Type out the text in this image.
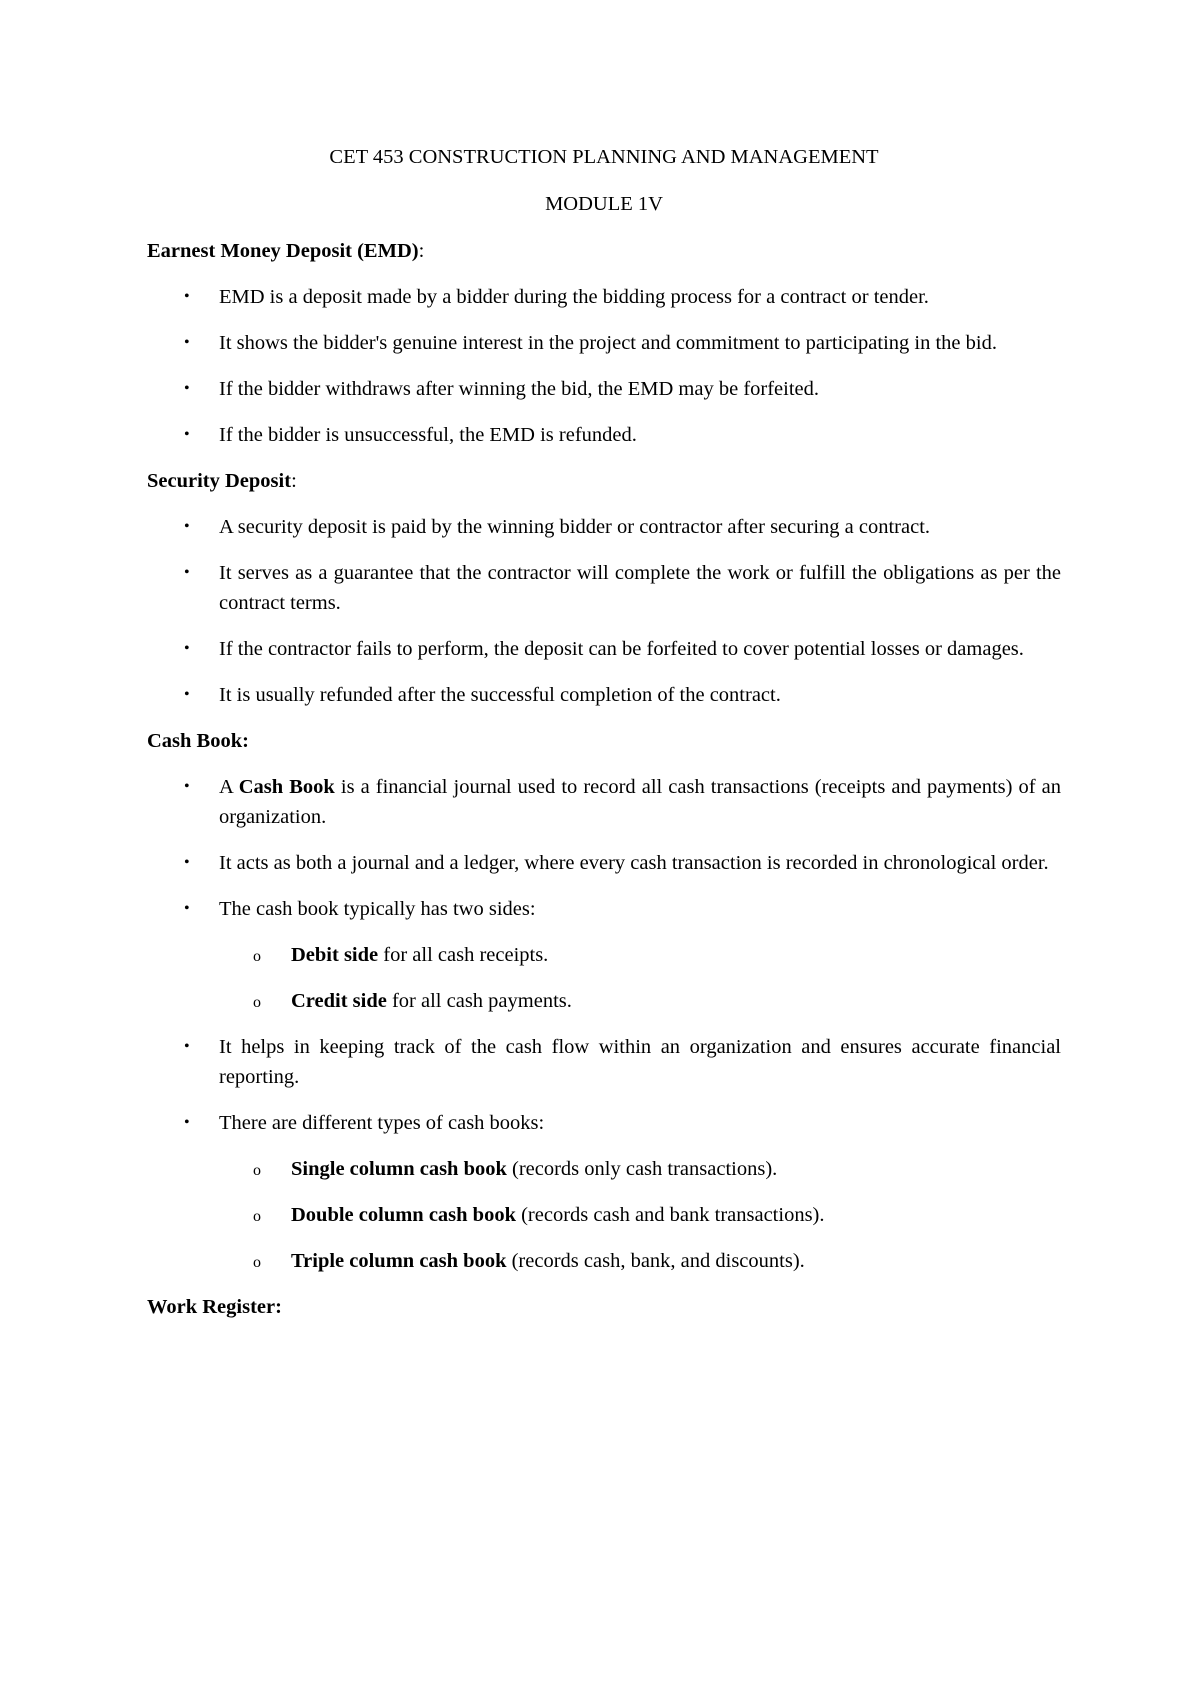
CET 453 CONSTRUCTION PLANNING AND MANAGEMENT
MODULE 1V
Earnest Money Deposit (EMD):
• EMD is a deposit made by a bidder during the bidding process for a contract or tender.
• It shows the bidder's genuine interest in the project and commitment to participating in the bid.
• If the bidder withdraws after winning the bid, the EMD may be forfeited.
• If the bidder is unsuccessful, the EMD is refunded.
Security Deposit:
• A security deposit is paid by the winning bidder or contractor after securing a contract.
• It serves as a guarantee that the contractor will complete the work or fulfill the obligations as per the contract terms.
• If the contractor fails to perform, the deposit can be forfeited to cover potential losses or damages.
• It is usually refunded after the successful completion of the contract.
Cash Book:
• A Cash Book is a financial journal used to record all cash transactions (receipts and payments) of an organization.
• It acts as both a journal and a ledger, where every cash transaction is recorded in chronological order.
• The cash book typically has two sides:
o Debit side for all cash receipts.
o Credit side for all cash payments.
• It helps in keeping track of the cash flow within an organization and ensures accurate financial reporting.
• There are different types of cash books:
o Single column cash book (records only cash transactions).
o Double column cash book (records cash and bank transactions).
o Triple column cash book (records cash, bank, and discounts).
Work Register:
